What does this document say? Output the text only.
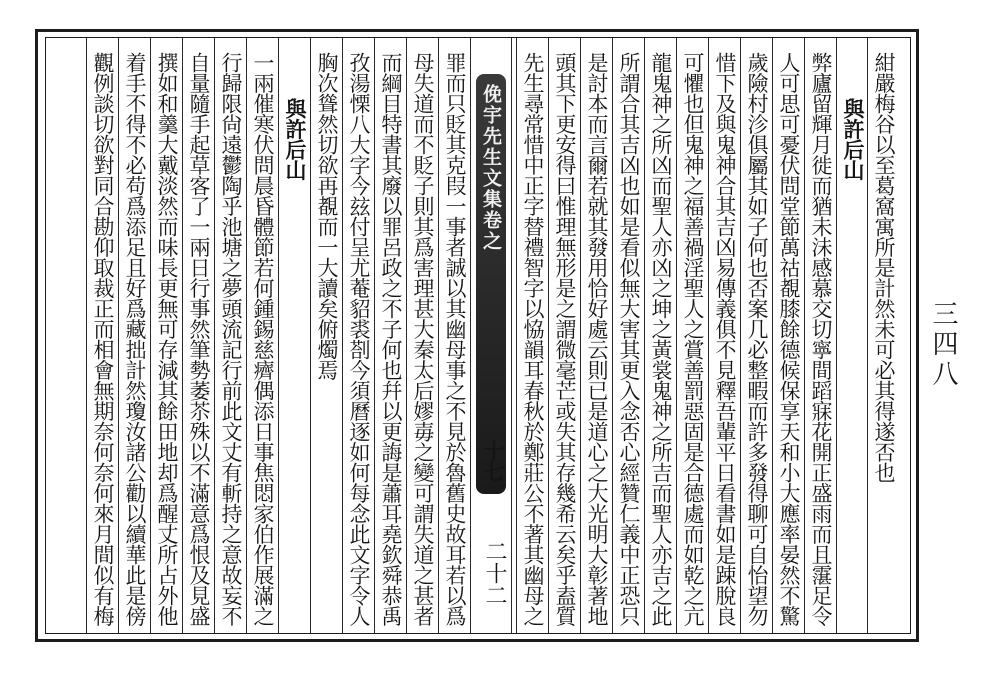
紺嚴梅谷以至葛窩寓所是計然未可必其得遂否也
與許后山
弊廬留輝月徙而猶未沬感慕交切寧間蹈寐花開正盛雨而且霮足令
人可思可憂伏問堂節萬祜覩膝餘德候保享天和小大應率晏然不驚
歲險村沴俱屬其如子何也否案几必整暇而許多發得聊可自怡望勿
惜下及與鬼神合其吉凶易傳義俱不見釋吾輩平日看書如是踈脫良
可懼也但鬼神之福善禍淫聖人之賞善罰惡固是合德處而如乾之亢
龍鬼神之所凶而聖人亦凶之坤之黃裳鬼神之所吉而聖人亦吉之此
所謂合其吉凶也如是看似無大害其更入念否心經贊仁義中正恐只
是討本而言爾若就其發用恰好處云則已是道心之大光明大彰著地
頭其下更安得曰惟理無形是之謂微毫芒或失其存幾希云矣乎盍質
先生尋常惜中正字替禮智字以恊韻耳春秋於鄭莊公不著其幽母之
俛宇先生文集卷之
十七
二十二
罪而只貶其克叚一事者誠以其幽母事之不見於魯舊史故耳若以爲
母失道而不貶子則其爲害理甚大秦太后嫪毐之變可謂失道之甚者
而綱目特書其廢以罪呂政之不子何也幷以更誨是蕭耳堯欽舜恭禹
孜湯慄八大字今玆付呈尤菴貂裘剳今須曆逐如何每念此文字令人
胸次聳然切欲再覩而一大讀矣俯燭焉
與許后山
一兩催寒伏問晨昏體節若何鍾錫慈癠偶添日事焦悶家伯作展滿之
行歸限尙遠鬱陶乎池塘之夢頭流記行前此文丈有斬持之意故妄不
自量隨手起草客了一兩日行事然筆勢萎苶殊以不滿意爲恨及見盛
撰如和羹大戴淡然而味長更無可存減其餘田地却爲醒丈所占外他
着手不得不必苟爲添足且好爲藏拙計然瓊汝諸公勸以續華此是傍
觀例談切欲對同合勘仰取裁正而相會無期奈何奈何來月間似有梅	三四八
